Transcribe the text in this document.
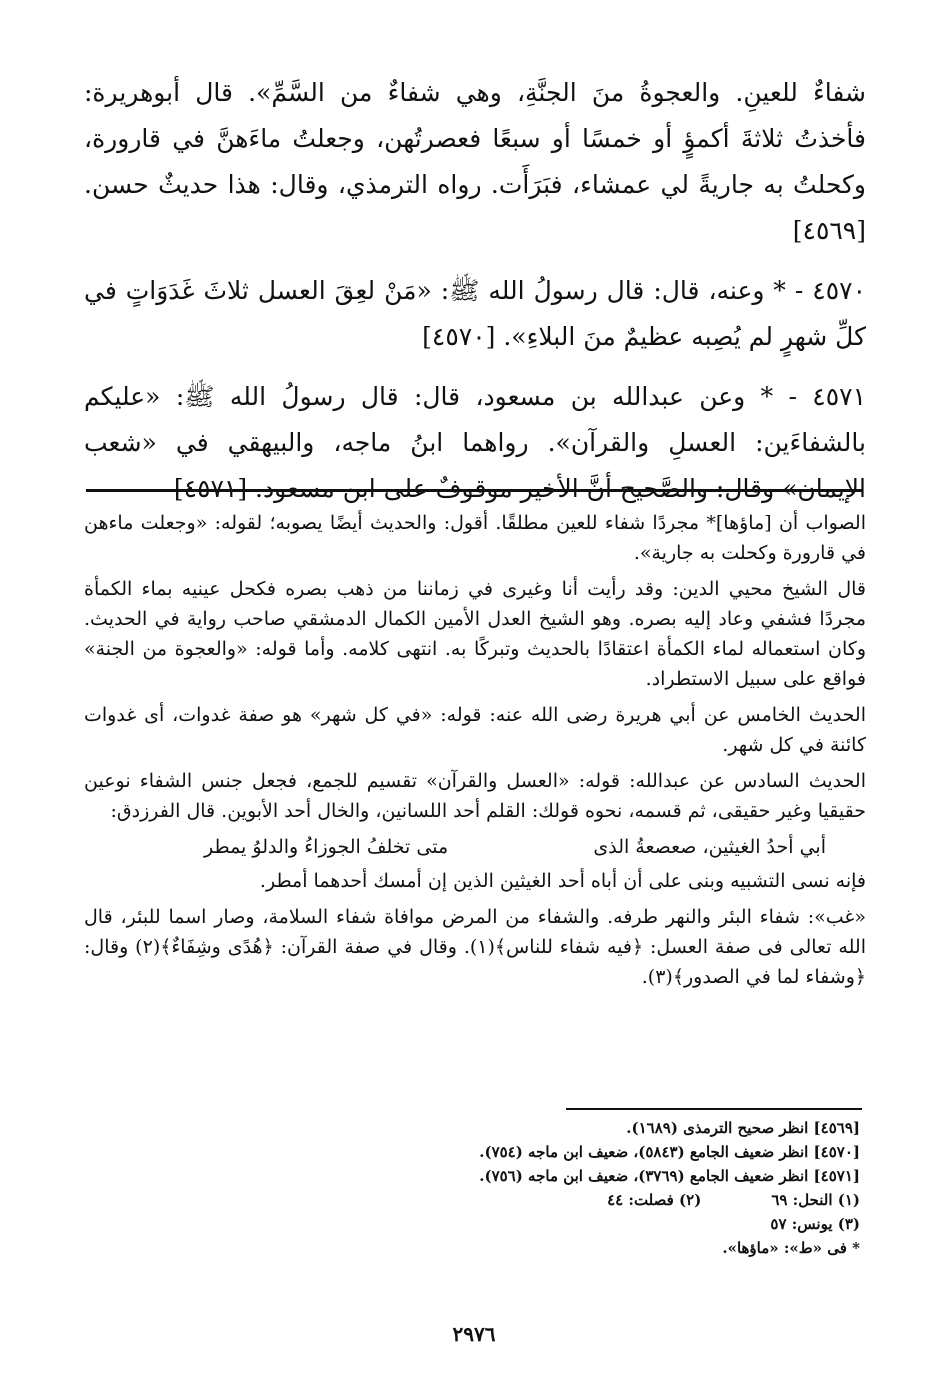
شفاءٌ للعينِ. والعجوةُ منَ الجنَّةِ، وهي شفاءٌ من السَّمِّ». قال أبوهريرة: فأخذتُ ثلاثةَ أكمؤٍ أو خمسًا أو سبعًا فعصرتُهن، وجعلتُ ماءَهنَّ في قارورة، وكحلتُ به جاريةً لي عمشاء، فبَرَأَت. رواه الترمذي، وقال: هذا حديثٌ حسن. [٤٥٦٩]

٤٥٧٠ - * وعنه، قال: قال رسولُ الله ﷺ: «مَنْ لعِقَ العسل ثلاثَ غَدَوَاتٍ في كلِّ شهرٍ لم يُصِبه عظيمٌ منَ البلاءِ». [٤٥٧٠]

٤٥٧١ - * وعن عبدالله بن مسعود، قال: قال رسولُ الله ﷺ: «عليكم بالشفاءَين: العسلِ والقرآن». رواهما ابنُ ماجه، والبيهقي في «شعب الإيمان» وقال: والصَّحيح أنَّ الأخير موقوفٌ على ابن مسعود. [٤٥٧١]

الصواب أن [ماؤها]* مجردًا شفاء للعين مطلقًا. أقول: والحديث أيضًا يصوبه؛ لقوله: «وجعلت ماءهن في قارورة وكحلت به جارية».

قال الشيخ محيي الدين: وقد رأيت أنا وغيرى في زماننا من ذهب بصره فكحل عينيه بماء الكمأة مجردًا فشفي وعاد إليه بصره. وهو الشيخ العدل الأمين الكمال الدمشقي صاحب رواية في الحديث. وكان استعماله لماء الكمأة اعتقادًا بالحديث وتبركًا به. انتهى كلامه. وأما قوله: «والعجوة من الجنة» فواقع على سبيل الاستطراد.

الحديث الخامس عن أبي هريرة رضى الله عنه: قوله: «في كل شهر» هو صفة غدوات، أى غدوات كائنة في كل شهر.

الحديث السادس عن عبدالله: قوله: «العسل والقرآن» تقسيم للجمع، فجعل جنس الشفاء نوعين حقيقيا وغير حقيقى، ثم قسمه، نحوه قولك: القلم أحد اللسانين، والخال أحد الأبوين. قال الفرزدق:

أبي أحدُ الغيثين، صعصعةُ الذى
متى تخلفُ الجوزاءُ والدلوُ يمطر

فإنه نسى التشبيه وبنى على أن أباه أحد الغيثين الذين إن أمسك أحدهما أمطر.

«غب»: شفاء البئر والنهر طرفه. والشفاء من المرض موافاة شفاء السلامة، وصار اسما للبئر، قال الله تعالى فى صفة العسل: ﴿فيه شفاء للناس﴾(١). وقال في صفة القرآن: ﴿هُدًى وشِفَاءٌ﴾(٢) وقال: ﴿وشفاء لما في الصدور﴾(٣).

[٤٥٦٩] انظر صحيح الترمذى (١٦٨٩).
[٤٥٧٠] انظر ضعيف الجامع (٥٨٤٣)، ضعيف ابن ماجه (٧٥٤).
[٤٥٧١] انظر ضعيف الجامع (٣٧٦٩)، ضعيف ابن ماجه (٧٥٦).
(١) النحل: ٦٩
(٢) فصلت: ٤٤
(٣) يونس: ٥٧
* فى «ط»: «ماؤها».
٢٩٧٦
